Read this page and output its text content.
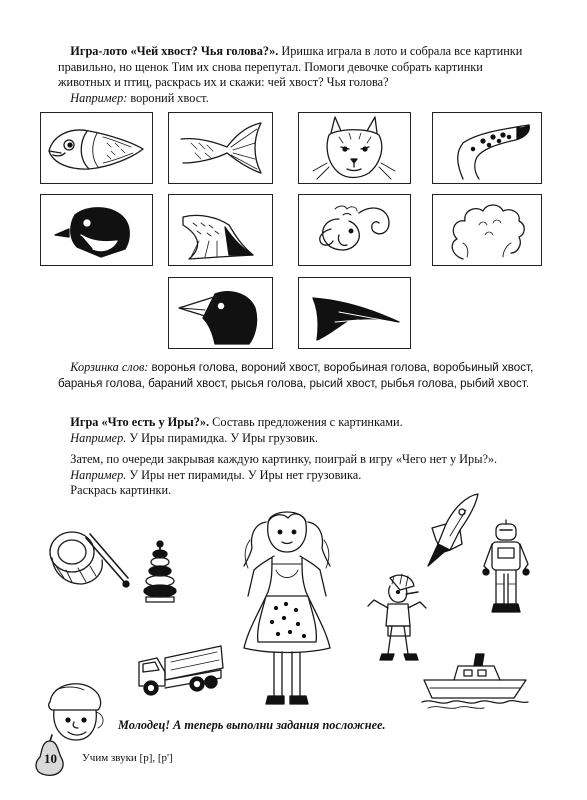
Игра-лото «Чей хвост? Чья голова?». Иришка играла в лото и собрала все картинки правильно, но щенок Тим их снова перепутал. Помоги девочке собрать картинки животных и птиц, раскрась их и скажи: чей хвост? Чья голова?
Например: вороний хвост.
Корзинка слов: воронья голова, вороний хвост, воробьиная голова, воробьиный хвост, баранья голова, бараний хвост, рысья голова, рысий хвост, рыбья голова, рыбий хвост.
Игра «Что есть у Иры?». Составь предложения с картинками.
Например. У Иры пирамидка. У Иры грузовик.
Затем, по очереди закрывая каждую картинку, поиграй в игру «Чего нет у Иры?».
Например. У Иры нет пирамиды. У Иры нет грузовика.
Раскрась картинки.
Молодец! А теперь выполни задания посложнее.
10 Учим звуки [р], [р']
